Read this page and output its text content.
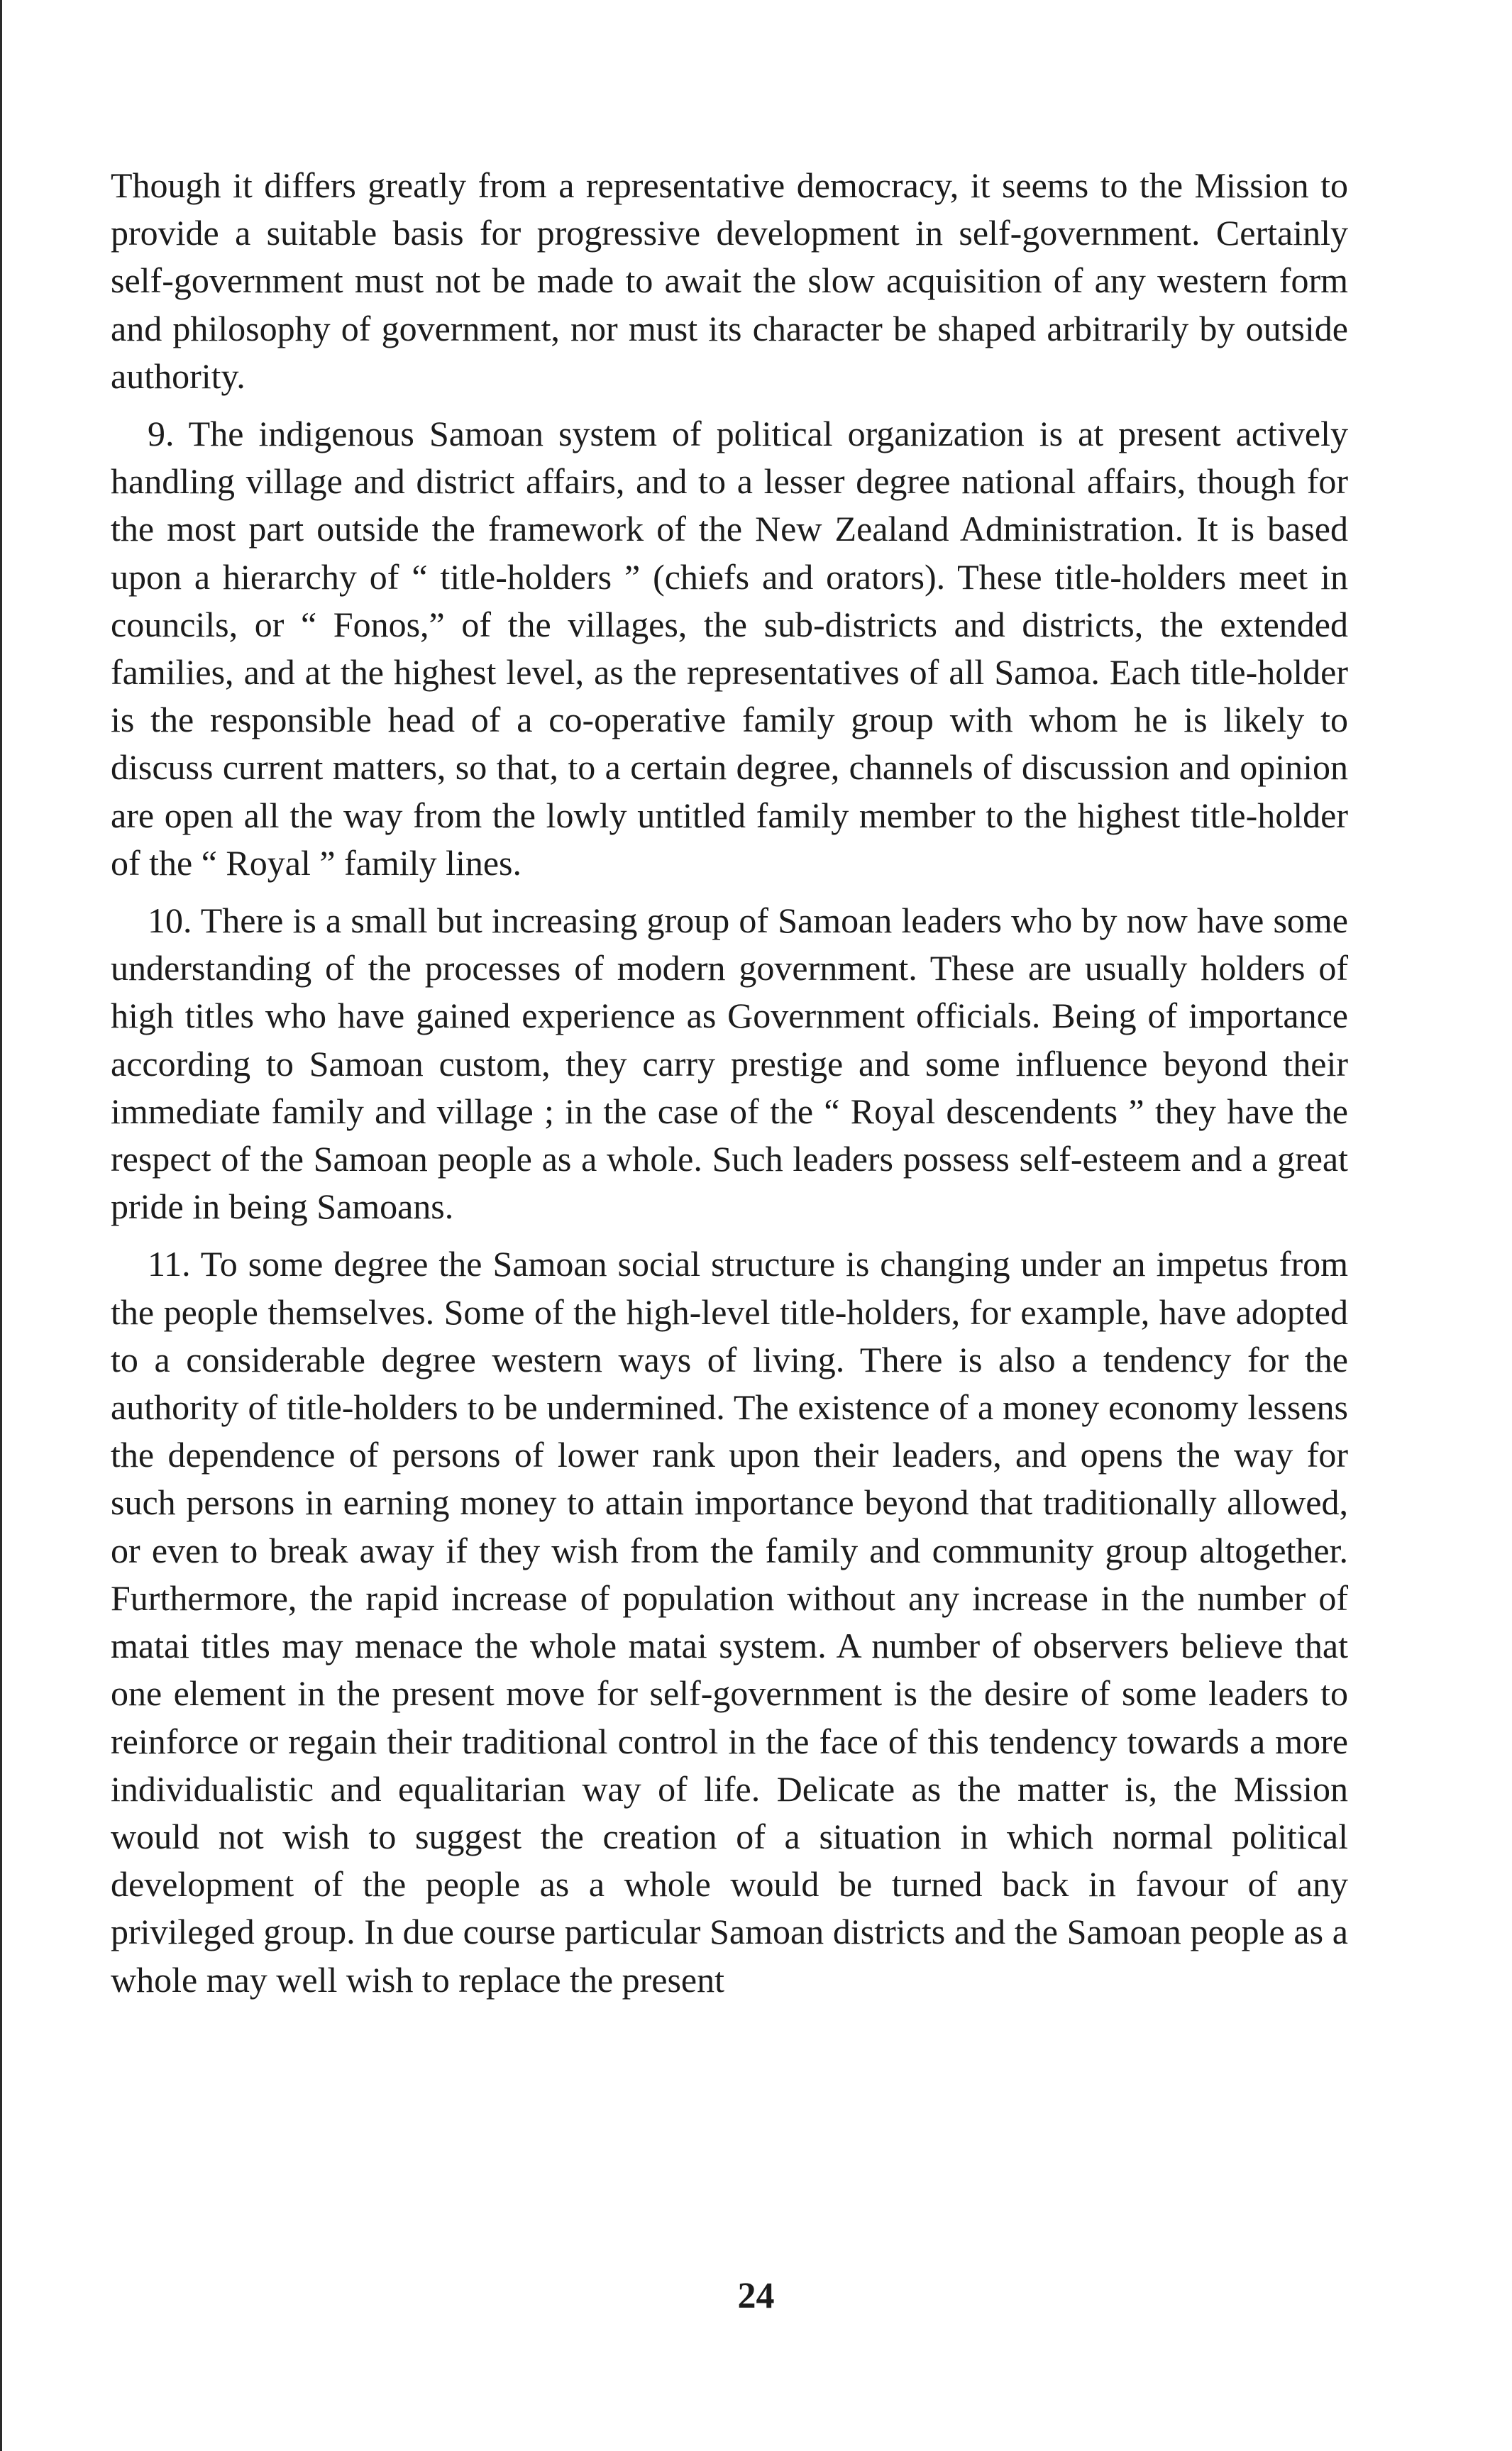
Though it differs greatly from a representative democracy, it seems to the Mission to provide a suitable basis for progressive development in self-government. Certainly self-government must not be made to await the slow acquisition of any western form and philosophy of government, nor must its character be shaped arbitrarily by outside authority.

9. The indigenous Samoan system of political organization is at present actively handling village and district affairs, and to a lesser degree national affairs, though for the most part outside the framework of the New Zealand Administration. It is based upon a hierarchy of “ title-holders ” (chiefs and orators). These title-holders meet in councils, or “ Fonos,” of the villages, the sub-districts and districts, the extended families, and at the highest level, as the representatives of all Samoa. Each title-holder is the responsible head of a co-operative family group with whom he is likely to discuss current matters, so that, to a certain degree, channels of discussion and opinion are open all the way from the lowly untitled family member to the highest title-holder of the “ Royal ” family lines.

10. There is a small but increasing group of Samoan leaders who by now have some understanding of the processes of modern government. These are usually holders of high titles who have gained experience as Government officials. Being of importance according to Samoan custom, they carry prestige and some influence beyond their immediate family and village ; in the case of the “ Royal descendents ” they have the respect of the Samoan people as a whole. Such leaders possess self-esteem and a great pride in being Samoans.

11. To some degree the Samoan social structure is changing under an impetus from the people themselves. Some of the high-level title-holders, for example, have adopted to a considerable degree western ways of living. There is also a tendency for the authority of title-holders to be undermined. The existence of a money economy lessens the dependence of persons of lower rank upon their leaders, and opens the way for such persons in earning money to attain importance beyond that traditionally allowed, or even to break away if they wish from the family and community group altogether. Furthermore, the rapid increase of population without any increase in the number of matai titles may menace the whole matai system. A number of observers believe that one element in the present move for self-government is the desire of some leaders to reinforce or regain their traditional control in the face of this tendency towards a more individualistic and equalitarian way of life. Delicate as the matter is, the Mission would not wish to suggest the creation of a situation in which normal political development of the people as a whole would be turned back in favour of any privileged group. In due course particular Samoan districts and the Samoan people as a whole may well wish to replace the present

24
